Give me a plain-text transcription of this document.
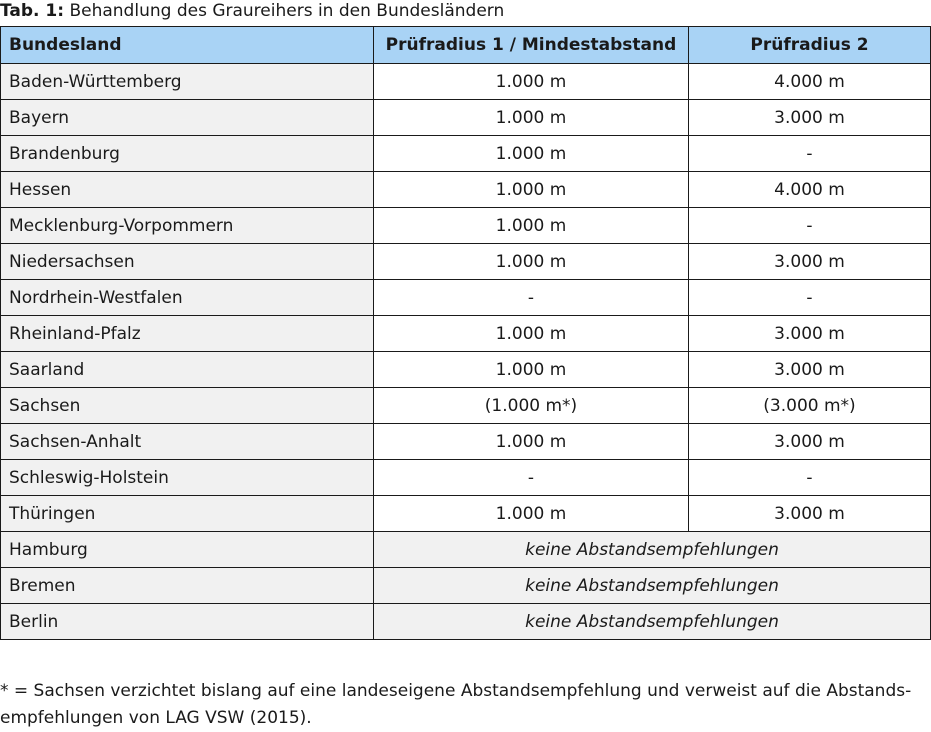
Tab. 1: Behandlung des Graureihers in den Bundesländern
Bundesland	Prüfradius 1 / Mindestabstand	Prüfradius 2
Baden-Württemberg	1.000 m	4.000 m
Bayern	1.000 m	3.000 m
Brandenburg	1.000 m	-
Hessen	1.000 m	4.000 m
Mecklenburg-Vorpommern	1.000 m	-
Niedersachsen	1.000 m	3.000 m
Nordrhein-Westfalen	-	-
Rheinland-Pfalz	1.000 m	3.000 m
Saarland	1.000 m	3.000 m
Sachsen	(1.000 m*)	(3.000 m*)
Sachsen-Anhalt	1.000 m	3.000 m
Schleswig-Holstein	-	-
Thüringen	1.000 m	3.000 m
Hamburg	keine Abstandsempfehlungen	
Bremen	keine Abstandsempfehlungen	
Berlin	keine Abstandsempfehlungen	
* = Sachsen verzichtet bislang auf eine landeseigene Abstandsempfehlung und verweist auf die Abstands-empfehlungen von LAG VSW (2015).
